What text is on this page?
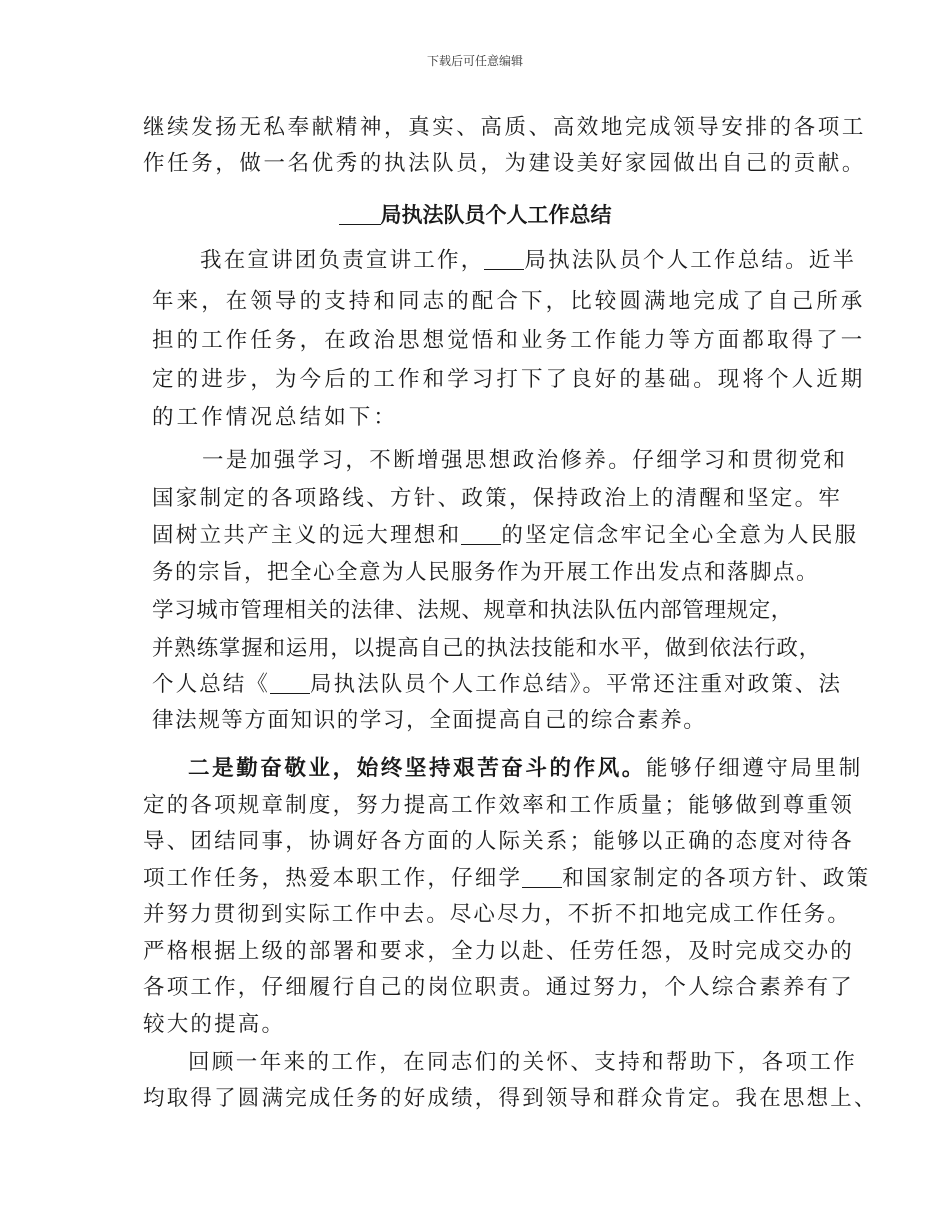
下载后可任意编辑
继续发扬无私奉献精神，真实、高质、高效地完成领导安排的各项工
作任务，做一名优秀的执法队员，为建设美好家园做出自己的贡献。
局执法队员个人工作总结
我在宣讲团负责宣讲工作， 局执法队员个人工作总结。近半
年来，在领导的支持和同志的配合下，比较圆满地完成了自己所承
担的工作任务，在政治思想觉悟和业务工作能力等方面都取得了一
定的进步，为今后的工作和学习打下了良好的基础。现将个人近期
的工作情况总结如下：
一是加强学习，不断增强思想政治修养。仔细学习和贯彻党和
国家制定的各项路线、方针、政策，保持政治上的清醒和坚定。牢
固树立共产主义的远大理想和 的坚定信念牢记全心全意为人民服
务的宗旨，把全心全意为人民服务作为开展工作出发点和落脚点。
学习城市管理相关的法律、法规、规章和执法队伍内部管理规定，
并熟练掌握和运用，以提高自己的执法技能和水平，做到依法行政，
个人总结《 局执法队员个人工作总结》。平常还注重对政策、法
律法规等方面知识的学习，全面提高自己的综合素养。
二是勤奋敬业，始终坚持艰苦奋斗的作风。能够仔细遵守局里制
定的各项规章制度，努力提高工作效率和工作质量；能够做到尊重领
导、团结同事，协调好各方面的人际关系；能够以正确的态度对待各
项工作任务，热爱本职工作，仔细学 和国家制定的各项方针、政策
并努力贯彻到实际工作中去。尽心尽力，不折不扣地完成工作任务。
严格根据上级的部署和要求，全力以赴、任劳任怨，及时完成交办的
各项工作，仔细履行自己的岗位职责。通过努力，个人综合素养有了
较大的提高。
回顾一年来的工作，在同志们的关怀、支持和帮助下，各项工作
均取得了圆满完成任务的好成绩，得到领导和群众肯定。我在思想上、
